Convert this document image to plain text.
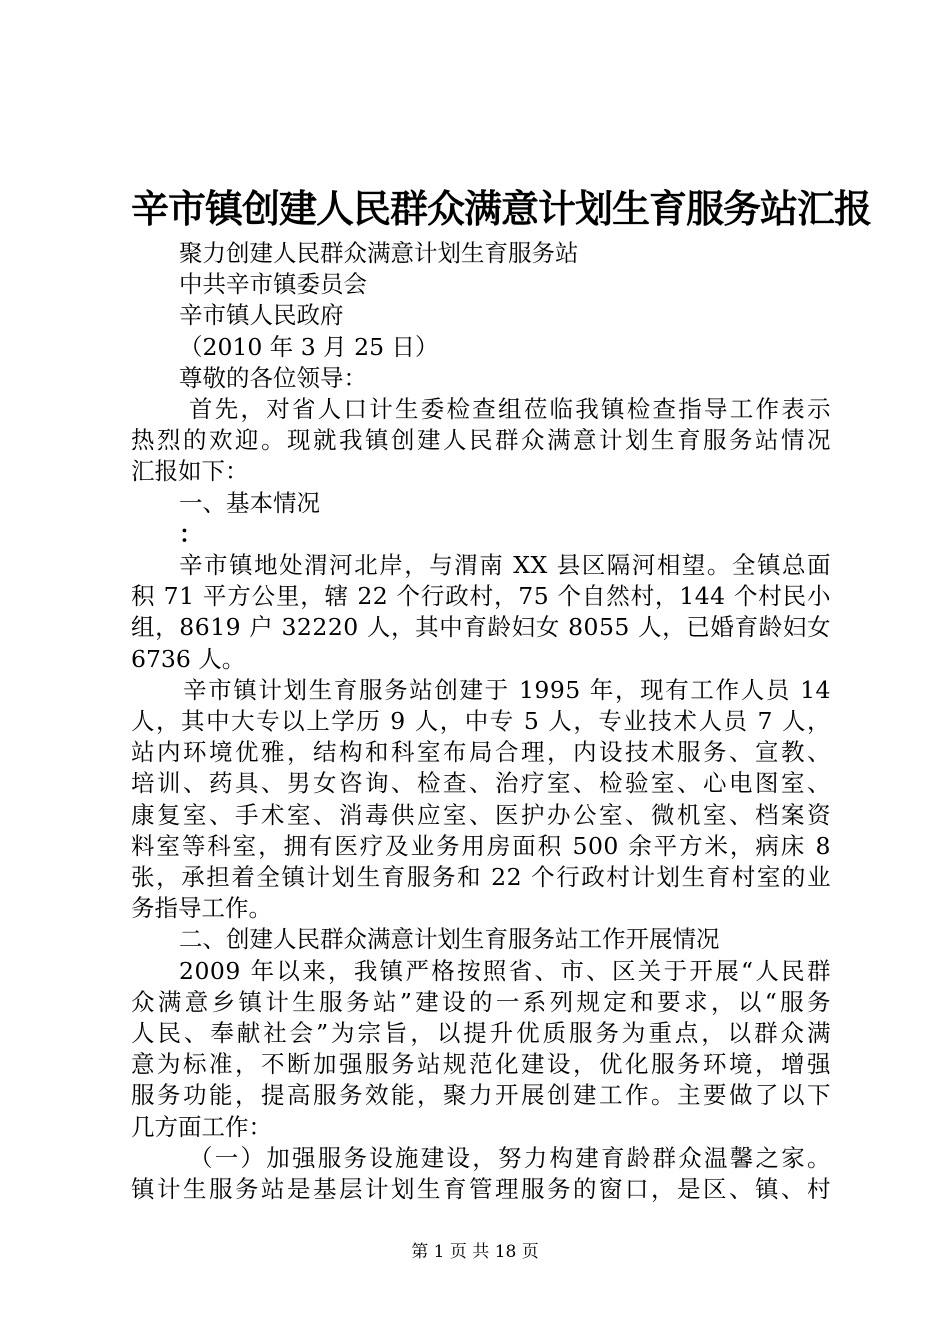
辛市镇创建人民群众满意计划生育服务站汇报

聚力创建人民群众满意计划生育服务站

中共辛市镇委员会

辛市镇人民政府

（2010 年 3 月 25 日）

尊敬的各位领导：

首先，对省人口计生委检查组莅临我镇检查指导工作表示

热烈的欢迎。现就我镇创建人民群众满意计划生育服务站情况

汇报如下：

一、基本情况

：

辛市镇地处渭河北岸，与渭南 XX 县区隔河相望。全镇总面

积 71 平方公里，辖 22 个行政村，75 个自然村，144 个村民小

组，8619 户 32220 人，其中育龄妇女 8055 人，已婚育龄妇女

6736 人。

辛市镇计划生育服务站创建于 1995 年，现有工作人员 14

人，其中大专以上学历 9 人，中专 5 人，专业技术人员 7 人，

站内环境优雅，结构和科室布局合理，内设技术服务、宣教、

培训、药具、男女咨询、检查、治疗室、检验室、心电图室、

康复室、手术室、消毒供应室、医护办公室、微机室、档案资

料室等科室，拥有医疗及业务用房面积 500 余平方米，病床 8

张，承担着全镇计划生育服务和 22 个行政村计划生育村室的业

务指导工作。

二、创建人民群众满意计划生育服务站工作开展情况

2009 年以来，我镇严格按照省、市、区关于开展“人民群

众满意乡镇计生服务站”建设的一系列规定和要求，以“服务

人民、奉献社会”为宗旨，以提升优质服务为重点，以群众满

意为标准，不断加强服务站规范化建设，优化服务环境，增强

服务功能，提高服务效能，聚力开展创建工作。主要做了以下

几方面工作：

（一）加强服务设施建设，努力构建育龄群众温馨之家。

镇计生服务站是基层计划生育管理服务的窗口，是区、镇、村

第 1 页 共 18 页
